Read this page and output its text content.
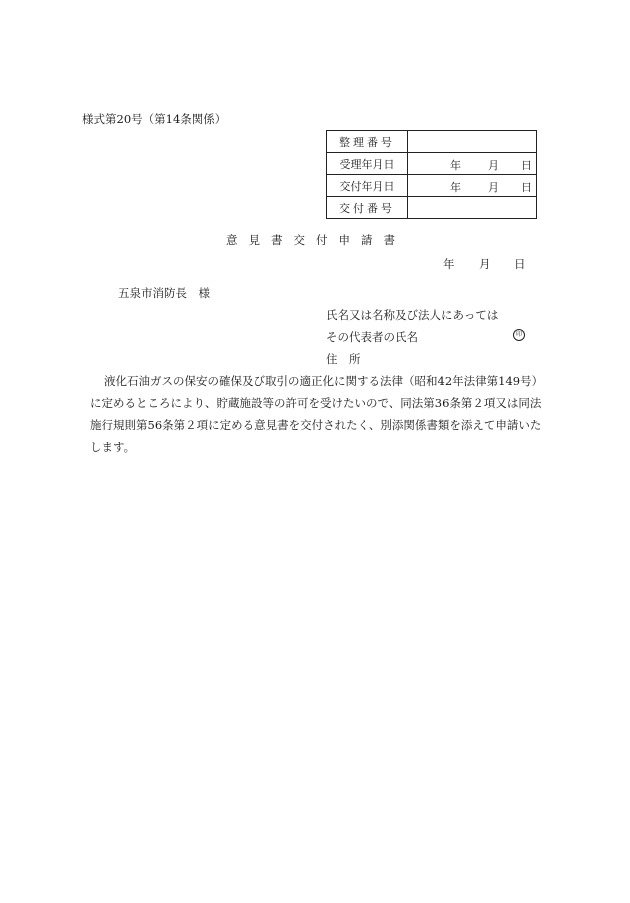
様式第20号（第14条関係）
整理番号	
受理年月日	年 月 日

交付年月日	年 月 日

交付番号	
意見書交付申請書
年 月 日
五泉市消防長　様
氏名又は名称及び法人にあっては
その代表者の氏名	印
住　所
液化石油ガスの保安の確保及び取引の適正化に関する法律（昭和42年法律第149号）
に定めるところにより、貯蔵施設等の許可を受けたいので、同法第36条第２項又は同法
施行規則第56条第２項に定める意見書を交付されたく、別添関係書類を添えて申請いた
します。
